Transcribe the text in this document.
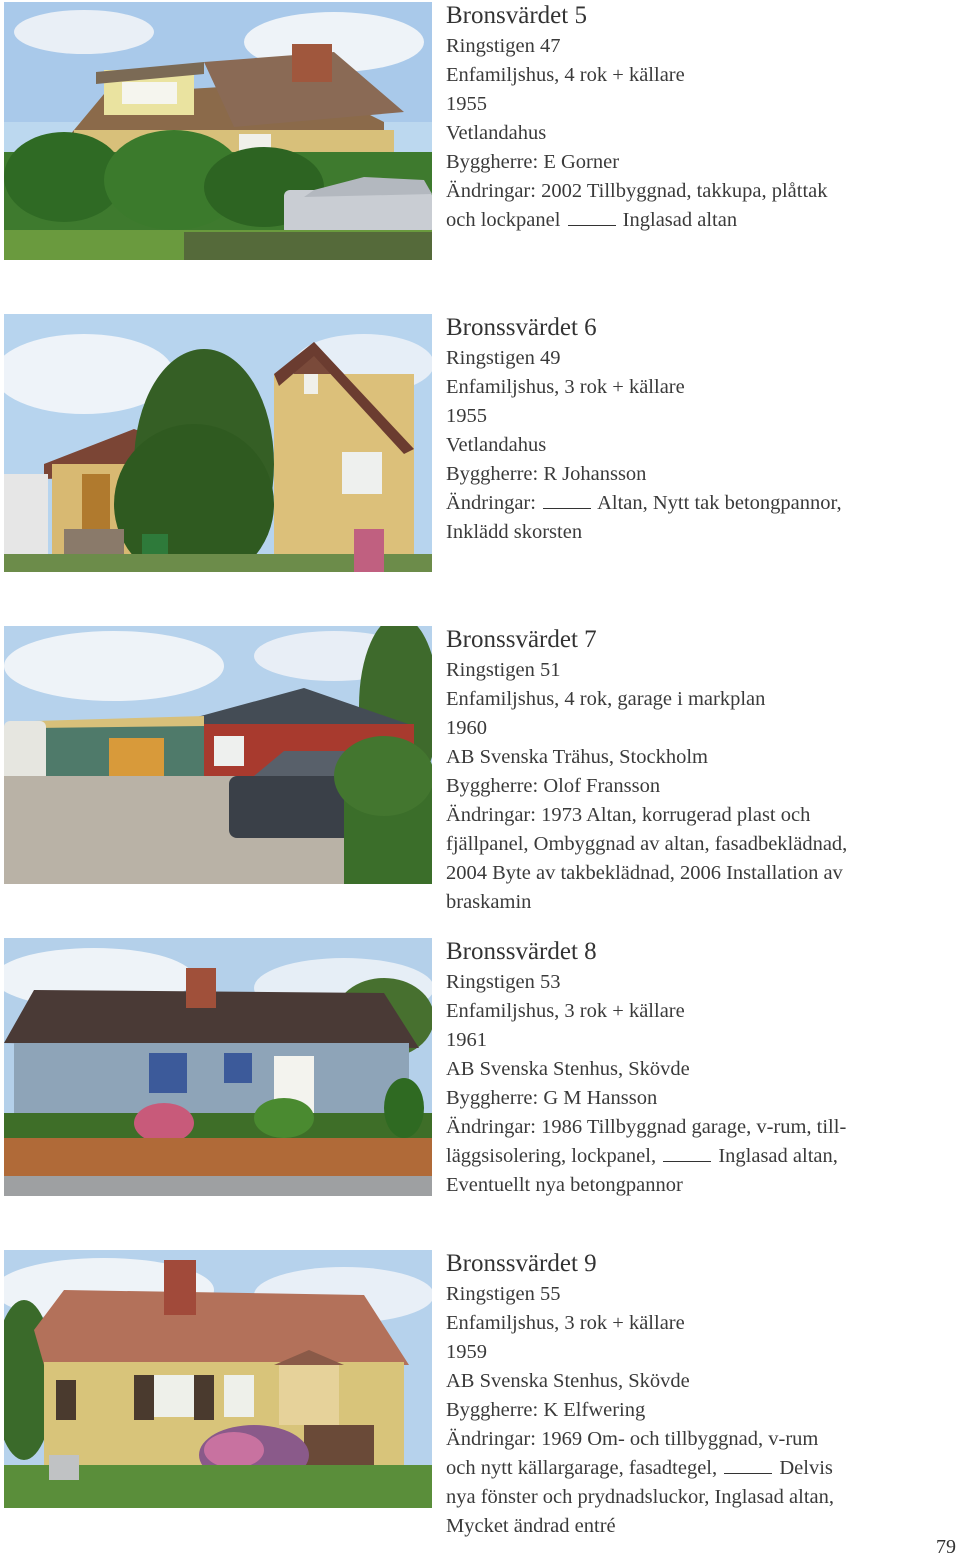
Bronsvärdet 5
Ringstigen 47
Enfamiljshus, 4 rok + källare
1955
Vetlandahus
Byggherre: E Gorner
Ändringar: 2002 Tillbyggnad, takkupa, plåttak
och lockpanel	Inglasad altan
Bronssvärdet 6
Ringstigen 49
Enfamiljshus, 3 rok + källare
1955
Vetlandahus
Byggherre: R Johansson
Ändringar:	Altan, Nytt tak betongpannor,
Inklädd skorsten
Bronssvärdet 7
Ringstigen 51
Enfamiljshus, 4 rok, garage i markplan
1960
AB Svenska Trähus, Stockholm
Byggherre: Olof Fransson
Ändringar: 1973 Altan, korrugerad plast och
fjällpanel, Ombyggnad av altan, fasadbeklädnad,
2004 Byte av takbeklädnad, 2006 Installation av
braskamin
Bronssvärdet 8
Ringstigen 53
Enfamiljshus, 3 rok + källare
1961
AB Svenska Stenhus, Skövde
Byggherre: G M Hansson
Ändringar: 1986 Tillbyggnad garage, v-rum, till-
läggsisolering, lockpanel,	Inglasad altan,
Eventuellt nya betongpannor
Bronssvärdet 9
Ringstigen 55
Enfamiljshus, 3 rok + källare
1959
AB Svenska Stenhus, Skövde
Byggherre: K Elfwering
Ändringar: 1969 Om- och tillbyggnad, v-rum
och nytt källargarage, fasadtegel,	Delvis
nya fönster och prydnadsluckor, Inglasad altan,
Mycket ändrad entré
79
